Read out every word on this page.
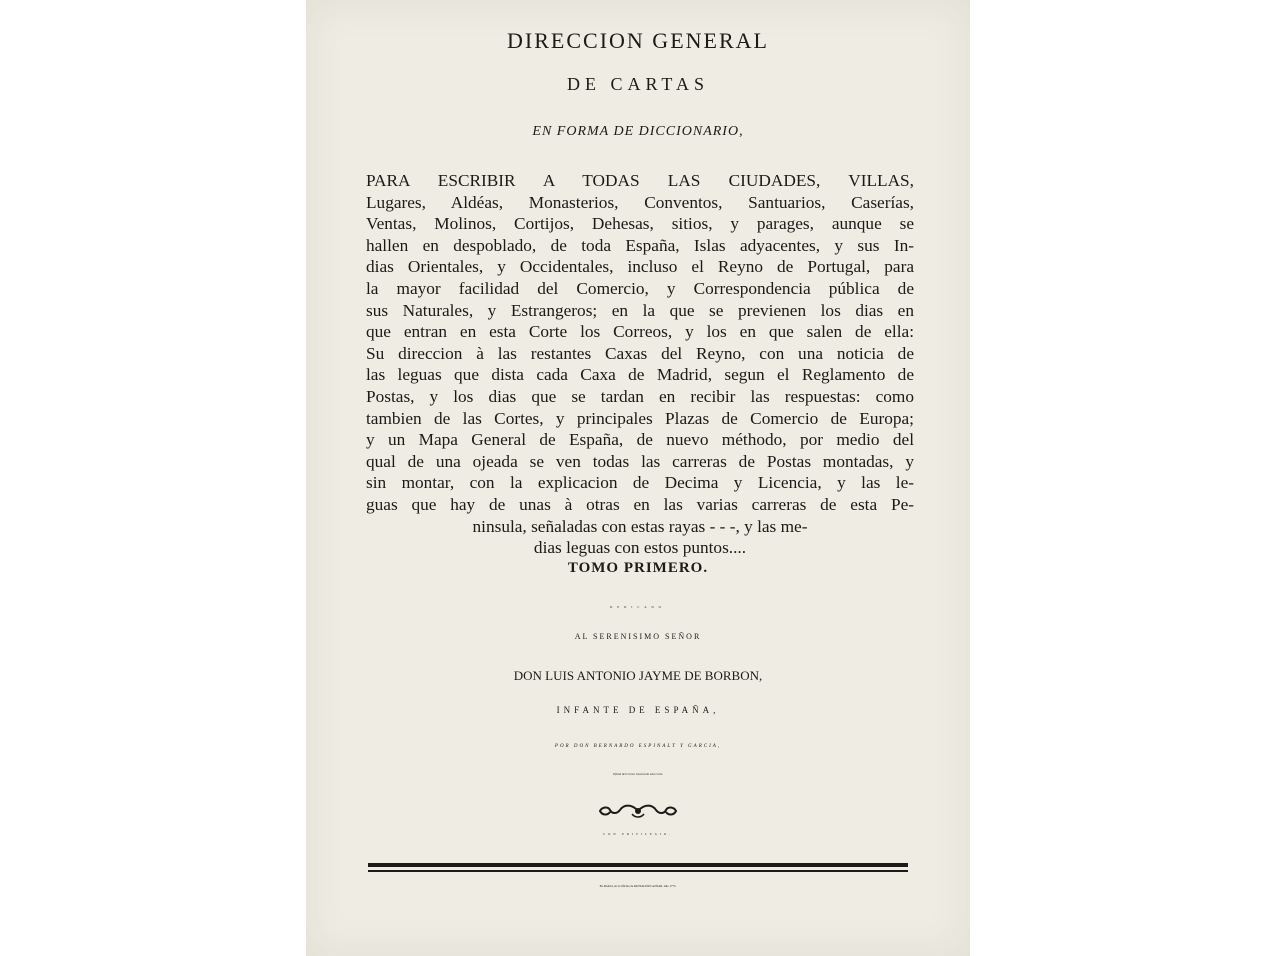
DIRECCION GENERAL
DE CARTAS
EN FORMA DE DICCIONARIO,
PARA ESCRIBIR A TODAS LAS CIUDADES, VILLAS,
Lugares, Aldéas, Monasterios, Conventos, Santuarios, Caserías,
Ventas, Molinos, Cortijos, Dehesas, sitios, y parages, aunque se
hallen en despoblado, de toda España, Islas adyacentes, y sus In-
dias Orientales, y Occidentales, incluso el Reyno de Portugal, para
la mayor facilidad del Comercio, y Correspondencia pública de
sus Naturales, y Estrangeros; en la que se previenen los dias en
que entran en esta Corte los Correos, y los en que salen de ella:
Su direccion à las restantes Caxas del Reyno, con una noticia de
las leguas que dista cada Caxa de Madrid, segun el Reglamento de
Postas, y los dias que se tardan en recibir las respuestas: como
tambien de las Cortes, y principales Plazas de Comercio de Europa;
y un Mapa General de España, de nuevo méthodo, por medio del
qual de una ojeada se ven todas las carreras de Postas montadas, y
sin montar, con la explicacion de Decima y Licencia, y las le-
guas que hay de unas à otras en las varias carreras de esta Pe-
ninsula, señaladas con estas rayas - - -, y las me-
dias leguas con estos puntos....
TOMO PRIMERO.
DEDICADO
AL SERENISIMO SEÑOR
DON LUIS ANTONIO JAYME DE BORBON,
INFANTE DE ESPAÑA,
POR DON BERNARDO ESPINALT Y GARCIA,
Oficial del Correo General de esta Corte.
CON PRIVILEGIO.
En Madrid, en la Oficina de PANTALEON AZNAR. Año 1775.
